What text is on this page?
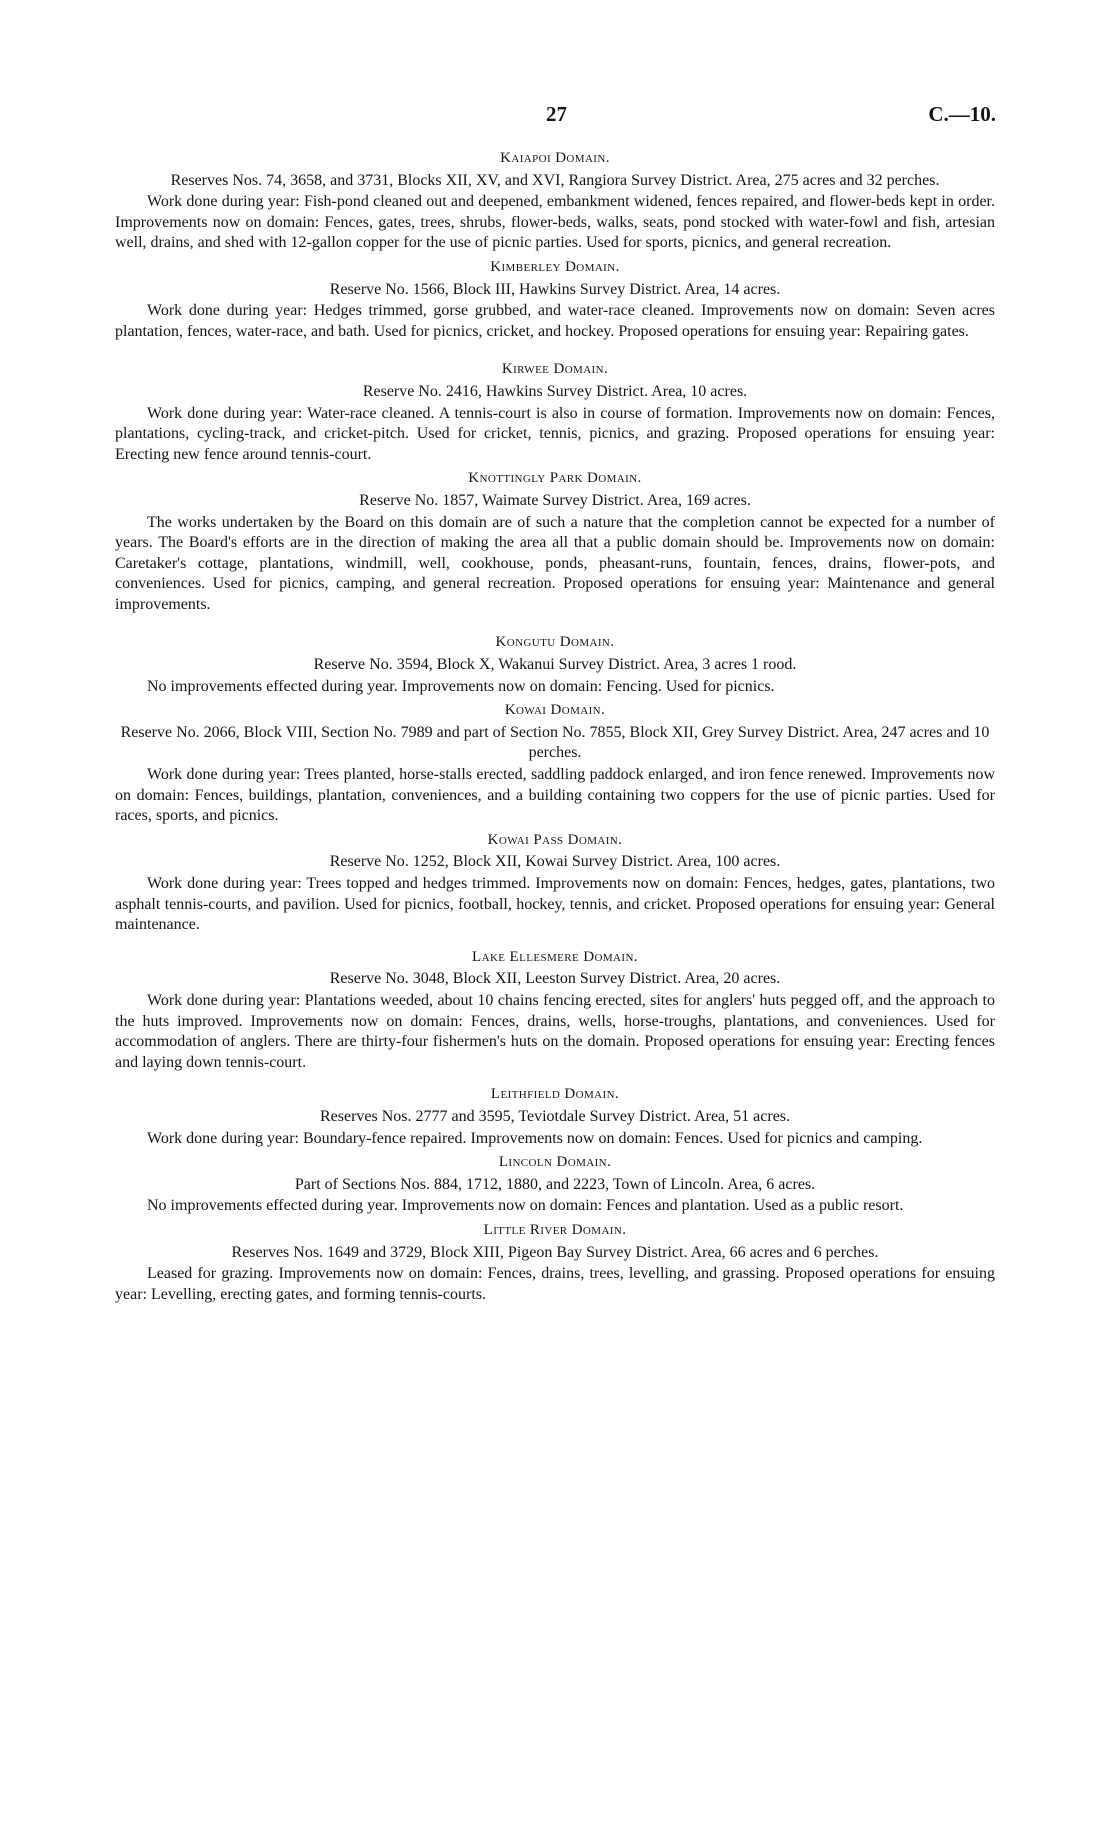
27	C.—10.
Kaiapoi Domain.
Reserves Nos. 74, 3658, and 3731, Blocks XII, XV, and XVI, Rangiora Survey District. Area, 275 acres and 32 perches.
Work done during year: Fish-pond cleaned out and deepened, embankment widened, fences repaired, and flower-beds kept in order. Improvements now on domain: Fences, gates, trees, shrubs, flower-beds, walks, seats, pond stocked with water-fowl and fish, artesian well, drains, and shed with 12-gallon copper for the use of picnic parties. Used for sports, picnics, and general recreation.
Kimberley Domain.
Reserve No. 1566, Block III, Hawkins Survey District. Area, 14 acres.
Work done during year: Hedges trimmed, gorse grubbed, and water-race cleaned. Improvements now on domain: Seven acres plantation, fences, water-race, and bath. Used for picnics, cricket, and hockey. Proposed operations for ensuing year: Repairing gates.
Kirwee Domain.
Reserve No. 2416, Hawkins Survey District. Area, 10 acres.
Work done during year: Water-race cleaned. A tennis-court is also in course of formation. Improvements now on domain: Fences, plantations, cycling-track, and cricket-pitch. Used for cricket, tennis, picnics, and grazing. Proposed operations for ensuing year: Erecting new fence around tennis-court.
Knottingly Park Domain.
Reserve No. 1857, Waimate Survey District. Area, 169 acres.
The works undertaken by the Board on this domain are of such a nature that the completion cannot be expected for a number of years. The Board's efforts are in the direction of making the area all that a public domain should be. Improvements now on domain: Caretaker's cottage, plantations, windmill, well, cookhouse, ponds, pheasant-runs, fountain, fences, drains, flower-pots, and conveniences. Used for picnics, camping, and general recreation. Proposed operations for ensuing year: Maintenance and general improvements.
Kongutu Domain.
Reserve No. 3594, Block X, Wakanui Survey District. Area, 3 acres 1 rood.
No improvements effected during year. Improvements now on domain: Fencing. Used for picnics.
Kowai Domain.
Reserve No. 2066, Block VIII, Section No. 7989 and part of Section No. 7855, Block XII, Grey Survey District. Area, 247 acres and 10 perches.
Work done during year: Trees planted, horse-stalls erected, saddling paddock enlarged, and iron fence renewed. Improvements now on domain: Fences, buildings, plantation, conveniences, and a building containing two coppers for the use of picnic parties. Used for races, sports, and picnics.
Kowai Pass Domain.
Reserve No. 1252, Block XII, Kowai Survey District. Area, 100 acres.
Work done during year: Trees topped and hedges trimmed. Improvements now on domain: Fences, hedges, gates, plantations, two asphalt tennis-courts, and pavilion. Used for picnics, football, hockey, tennis, and cricket. Proposed operations for ensuing year: General maintenance.
Lake Ellesmere Domain.
Reserve No. 3048, Block XII, Leeston Survey District. Area, 20 acres.
Work done during year: Plantations weeded, about 10 chains fencing erected, sites for anglers' huts pegged off, and the approach to the huts improved. Improvements now on domain: Fences, drains, wells, horse-troughs, plantations, and conveniences. Used for accommodation of anglers. There are thirty-four fishermen's huts on the domain. Proposed operations for ensuing year: Erecting fences and laying down tennis-court.
Leithfield Domain.
Reserves Nos. 2777 and 3595, Teviotdale Survey District. Area, 51 acres.
Work done during year: Boundary-fence repaired. Improvements now on domain: Fences. Used for picnics and camping.
Lincoln Domain.
Part of Sections Nos. 884, 1712, 1880, and 2223, Town of Lincoln. Area, 6 acres.
No improvements effected during year. Improvements now on domain: Fences and plantation. Used as a public resort.
Little River Domain.
Reserves Nos. 1649 and 3729, Block XIII, Pigeon Bay Survey District. Area, 66 acres and 6 perches.
Leased for grazing. Improvements now on domain: Fences, drains, trees, levelling, and grassing. Proposed operations for ensuing year: Levelling, erecting gates, and forming tennis-courts.
